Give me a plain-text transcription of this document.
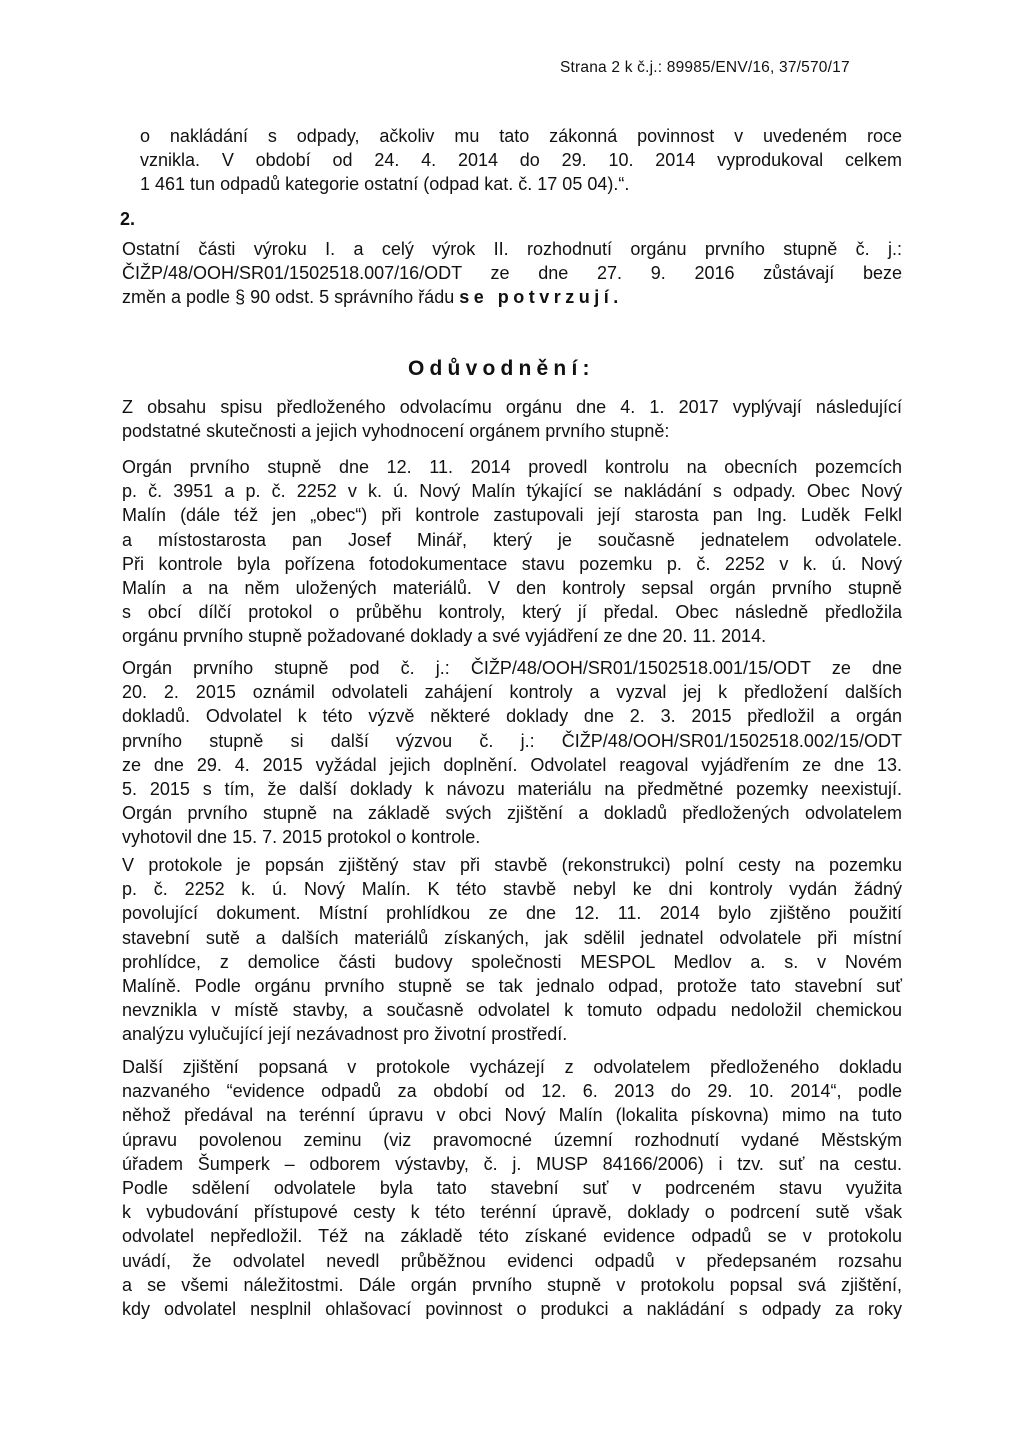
Strana 2 k č.j.: 89985/ENV/16, 37/570/17
o nakládání s odpady, ačkoliv mu tato zákonná povinnost v uvedeném roce
vznikla. V období od 24. 4. 2014 do 29. 10. 2014 vyprodukoval celkem
1 461 tun odpadů kategorie ostatní (odpad kat. č. 17 05 04).“.
2.
Ostatní části výroku I. a celý výrok II. rozhodnutí orgánu prvního stupně č. j.:
ČIŽP/48/OOH/SR01/1502518.007/16/ODT ze dne 27. 9. 2016 zůstávají beze
změn a podle § 90 odst. 5 správního řádu se potvrzují.
Odůvodnění:
Z obsahu spisu předloženého odvolacímu orgánu dne 4. 1. 2017 vyplývají následující
podstatné skutečnosti a jejich vyhodnocení orgánem prvního stupně:
Orgán prvního stupně dne 12. 11. 2014 provedl kontrolu na obecních pozemcích
p. č. 3951 a p. č. 2252 v k. ú. Nový Malín týkající se nakládání s odpady. Obec Nový
Malín (dále též jen „obec“) při kontrole zastupovali její starosta pan Ing. Luděk Felkl
a místostarosta pan Josef Minář, který je současně jednatelem odvolatele.
Při kontrole byla pořízena fotodokumentace stavu pozemku p. č. 2252 v k. ú. Nový
Malín a na něm uložených materiálů. V den kontroly sepsal orgán prvního stupně
s obcí dílčí protokol o průběhu kontroly, který jí předal. Obec následně předložila
orgánu prvního stupně požadované doklady a své vyjádření ze dne 20. 11. 2014.
Orgán prvního stupně pod č. j.: ČIŽP/48/OOH/SR01/1502518.001/15/ODT ze dne
20. 2. 2015 oznámil odvolateli zahájení kontroly a vyzval jej k předložení dalších
dokladů. Odvolatel k této výzvě některé doklady dne 2. 3. 2015 předložil a orgán
prvního stupně si další výzvou č. j.: ČIŽP/48/OOH/SR01/1502518.002/15/ODT
ze dne 29. 4. 2015 vyžádal jejich doplnění. Odvolatel reagoval vyjádřením ze dne 13.
5. 2015 s tím, že další doklady k návozu materiálu na předmětné pozemky neexistují.
Orgán prvního stupně na základě svých zjištění a dokladů předložených odvolatelem
vyhotovil dne 15. 7. 2015 protokol o kontrole.
V protokole je popsán zjištěný stav při stavbě (rekonstrukci) polní cesty na pozemku
p. č. 2252 k. ú. Nový Malín. K této stavbě nebyl ke dni kontroly vydán žádný
povolující dokument. Místní prohlídkou ze dne 12. 11. 2014 bylo zjištěno použití
stavební sutě a dalších materiálů získaných, jak sdělil jednatel odvolatele při místní
prohlídce, z demolice části budovy společnosti MESPOL Medlov a. s. v Novém
Malíně. Podle orgánu prvního stupně se tak jednalo odpad, protože tato stavební suť
nevznikla v místě stavby, a současně odvolatel k tomuto odpadu nedoložil chemickou
analýzu vylučující její nezávadnost pro životní prostředí.
Další zjištění popsaná v protokole vycházejí z odvolatelem předloženého dokladu
nazvaného “evidence odpadů za období od 12. 6. 2013 do 29. 10. 2014“, podle
něhož předával na terénní úpravu v obci Nový Malín (lokalita pískovna) mimo na tuto
úpravu povolenou zeminu (viz pravomocné územní rozhodnutí vydané Městským
úřadem Šumperk – odborem výstavby, č. j. MUSP 84166/2006) i tzv. suť na cestu.
Podle sdělení odvolatele byla tato stavební suť v podrceném stavu využita
k vybudování přístupové cesty k této terénní úpravě, doklady o podrcení sutě však
odvolatel nepředložil. Též na základě této získané evidence odpadů se v protokolu
uvádí, že odvolatel nevedl průběžnou evidenci odpadů v předepsaném rozsahu
a se všemi náležitostmi. Dále orgán prvního stupně v protokolu popsal svá zjištění,
kdy odvolatel nesplnil ohlašovací povinnost o produkci a nakládání s odpady za roky
